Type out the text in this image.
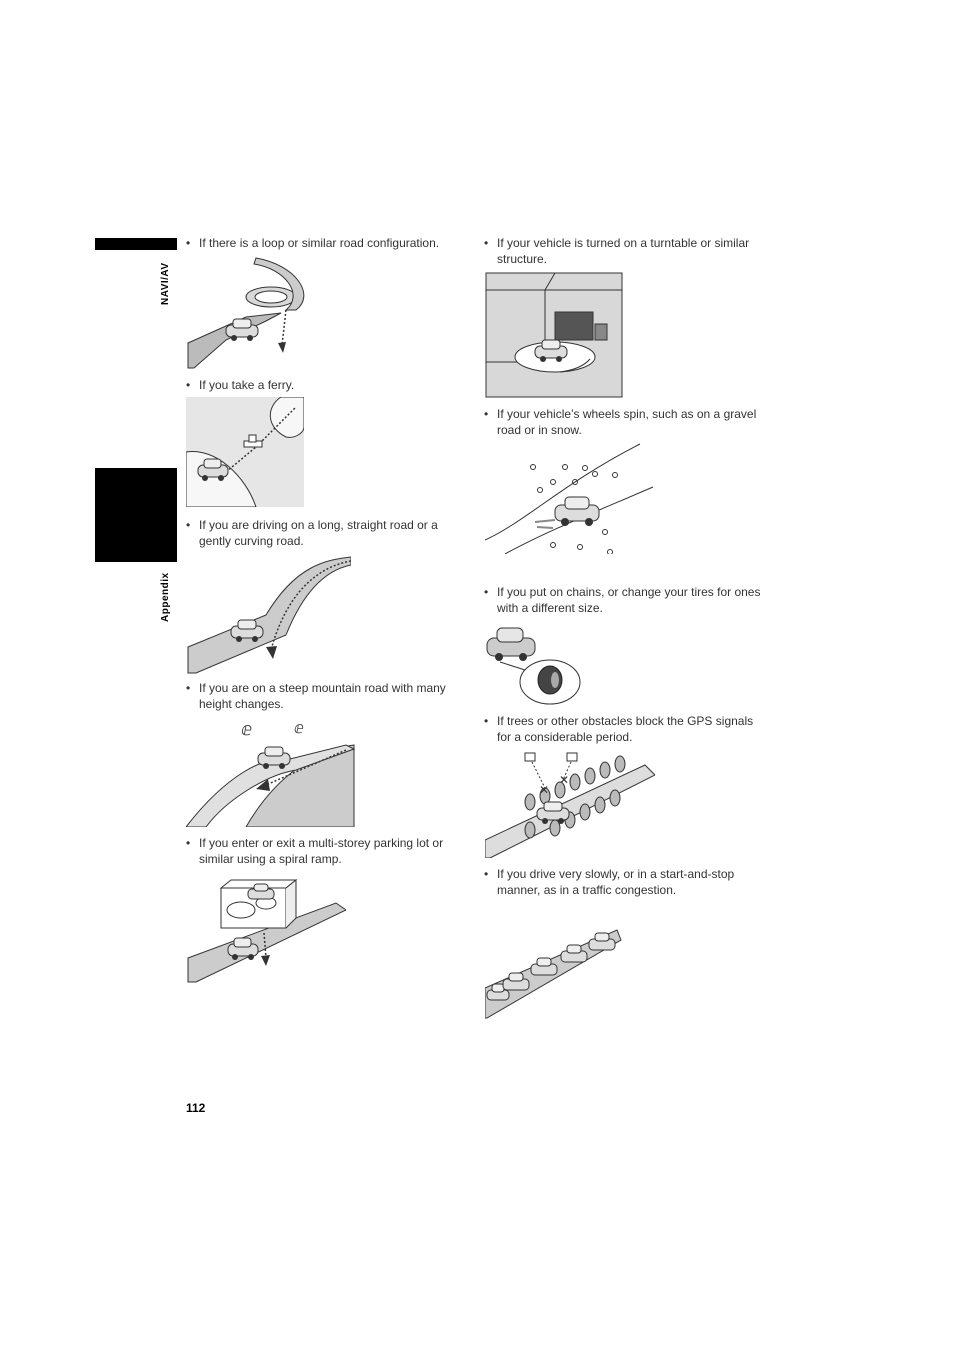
NAVI/AV
Appendix
• If there is a loop or similar road configuration.
• If you take a ferry.
• If you are driving on a long, straight road or a gently curving road.
• If you are on a steep mountain road with many height changes.
ⅇ	ⅇ
• If you enter or exit a multi-storey parking lot or similar using a spiral ramp.
• If your vehicle is turned on a turntable or similar structure.
• If your vehicle’s wheels spin, such as on a gravel road or in snow.
• If you put on chains, or change your tires for ones with a different size.
• If trees or other obstacles block the GPS signals for a considerable period.
✕
✕
• If you drive very slowly, or in a start-and-stop manner, as in a traffic congestion.
112
